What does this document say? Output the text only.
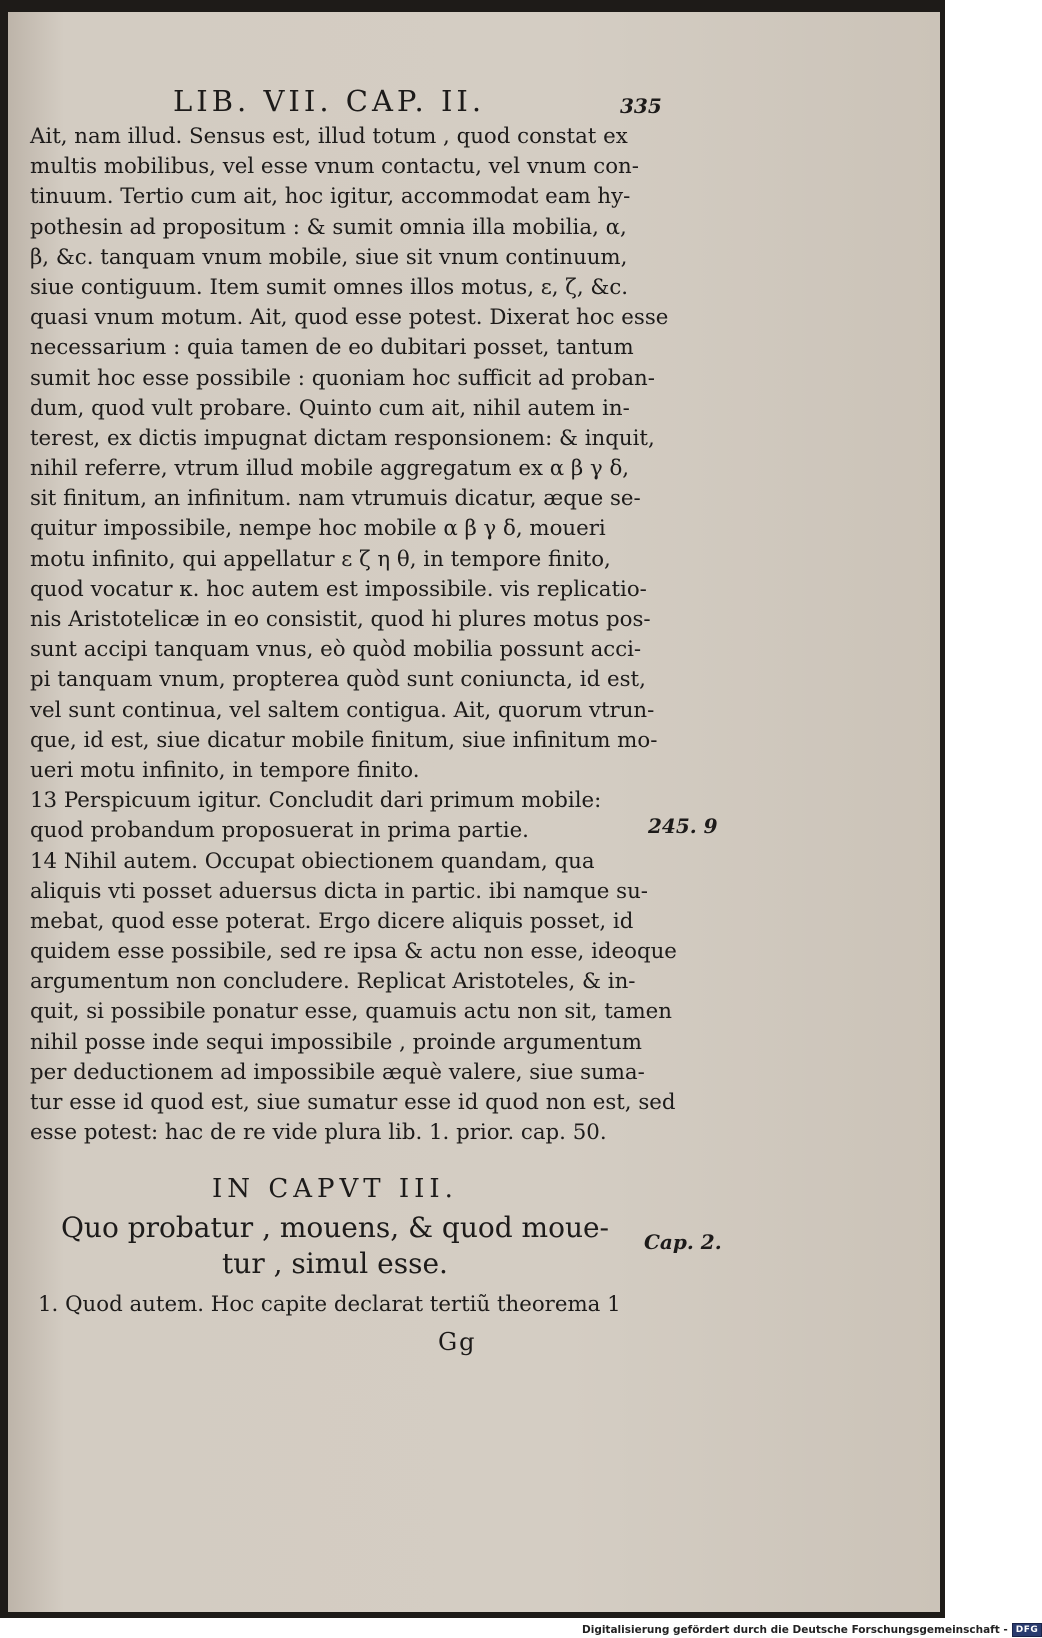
LIB. VII. CAP. II.	335
Ait, nam illud. Sensus est, illud totum , quod constat ex
multis mobilibus, vel esse vnum contactu, vel vnum con-
tinuum. Tertio cum ait, hoc igitur, accommodat eam hy-
pothesin ad propositum : & sumit omnia illa mobilia, α,
β, &c. tanquam vnum mobile, siue sit vnum continuum,
siue contiguum. Item sumit omnes illos motus, ε, ζ, &c.
quasi vnum motum. Ait, quod esse potest. Dixerat hoc esse
necessarium : quia tamen de eo dubitari posset, tantum
sumit hoc esse possibile : quoniam hoc sufficit ad proban-
dum, quod vult probare. Quinto cum ait, nihil autem in-
terest, ex dictis impugnat dictam responsionem: & inquit,
nihil referre, vtrum illud mobile aggregatum ex α β γ δ,
sit finitum, an infinitum. nam vtrumuis dicatur, æque se-
quitur impossibile, nempe hoc mobile α β γ δ, moueri
motu infinito, qui appellatur ε ζ η θ, in tempore finito,
quod vocatur κ. hoc autem est impossibile. vis replicatio-
nis Aristotelicæ in eo consistit, quod hi plures motus pos-
sunt accipi tanquam vnus, eò quòd mobilia possunt acci-
pi tanquam vnum, propterea quòd sunt coniuncta, id est,
vel sunt continua, vel saltem contigua. Ait, quorum vtrun-
que, id est, siue dicatur mobile finitum, siue infinitum mo-
ueri motu infinito, in tempore finito.
13 Perspicuum igitur. Concludit dari primum mobile:
quod probandum proposuerat in prima partie.
14 Nihil autem. Occupat obiectionem quandam, qua
aliquis vti posset aduersus dicta in partic. ibi namque su-
mebat, quod esse poterat. Ergo dicere aliquis posset, id
quidem esse possibile, sed re ipsa & actu non esse, ideoque
argumentum non concludere. Replicat Aristoteles, & in-
quit, si possibile ponatur esse, quamuis actu non sit, tamen
nihil posse inde sequi impossibile , proinde argumentum
per deductionem ad impossibile æquè valere, siue suma-
tur esse id quod est, siue sumatur esse id quod non est, sed
esse potest: hac de re vide plura lib. 1. prior. cap. 50.
245. 9
IN CAPVT III.
Quo probatur , mouens, & quod moue-
tur , simul esse.
Cap. 2.
1. Quod autem. Hoc capite declarat tertiũ theorema 1
Gg
Digitalisierung gefördert durch die Deutsche Forschungsgemeinschaft - DFG
